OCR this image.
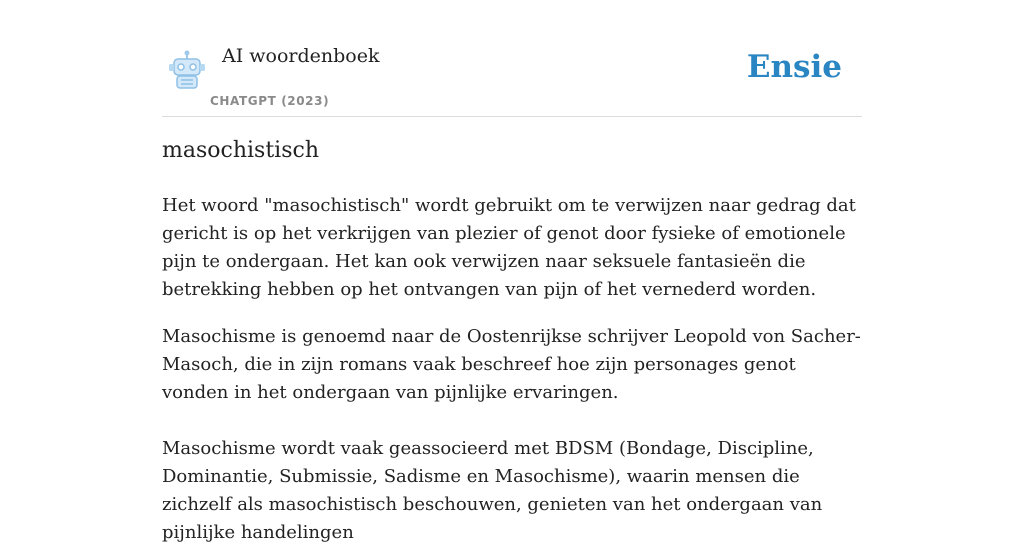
AI woordenboek
CHATGPT (2023)
Ensie
masochistisch

Het woord "masochistisch" wordt gebruikt om te verwijzen naar gedrag dat gericht is op het verkrijgen van plezier of genot door fysieke of emotionele pijn te ondergaan. Het kan ook verwijzen naar seksuele fantasieën die betrekking hebben op het ontvangen van pijn of het vernederd worden.

Masochisme is genoemd naar de Oostenrijkse schrijver Leopold von Sacher-Masoch, die in zijn romans vaak beschreef hoe zijn personages genot vonden in het ondergaan van pijnlijke ervaringen.

Masochisme wordt vaak geassocieerd met BDSM (Bondage, Discipline, Dominantie, Submissie, Sadisme en Masochisme), waarin mensen die zichzelf als masochistisch beschouwen, genieten van het ondergaan van pijnlijke handelingen
